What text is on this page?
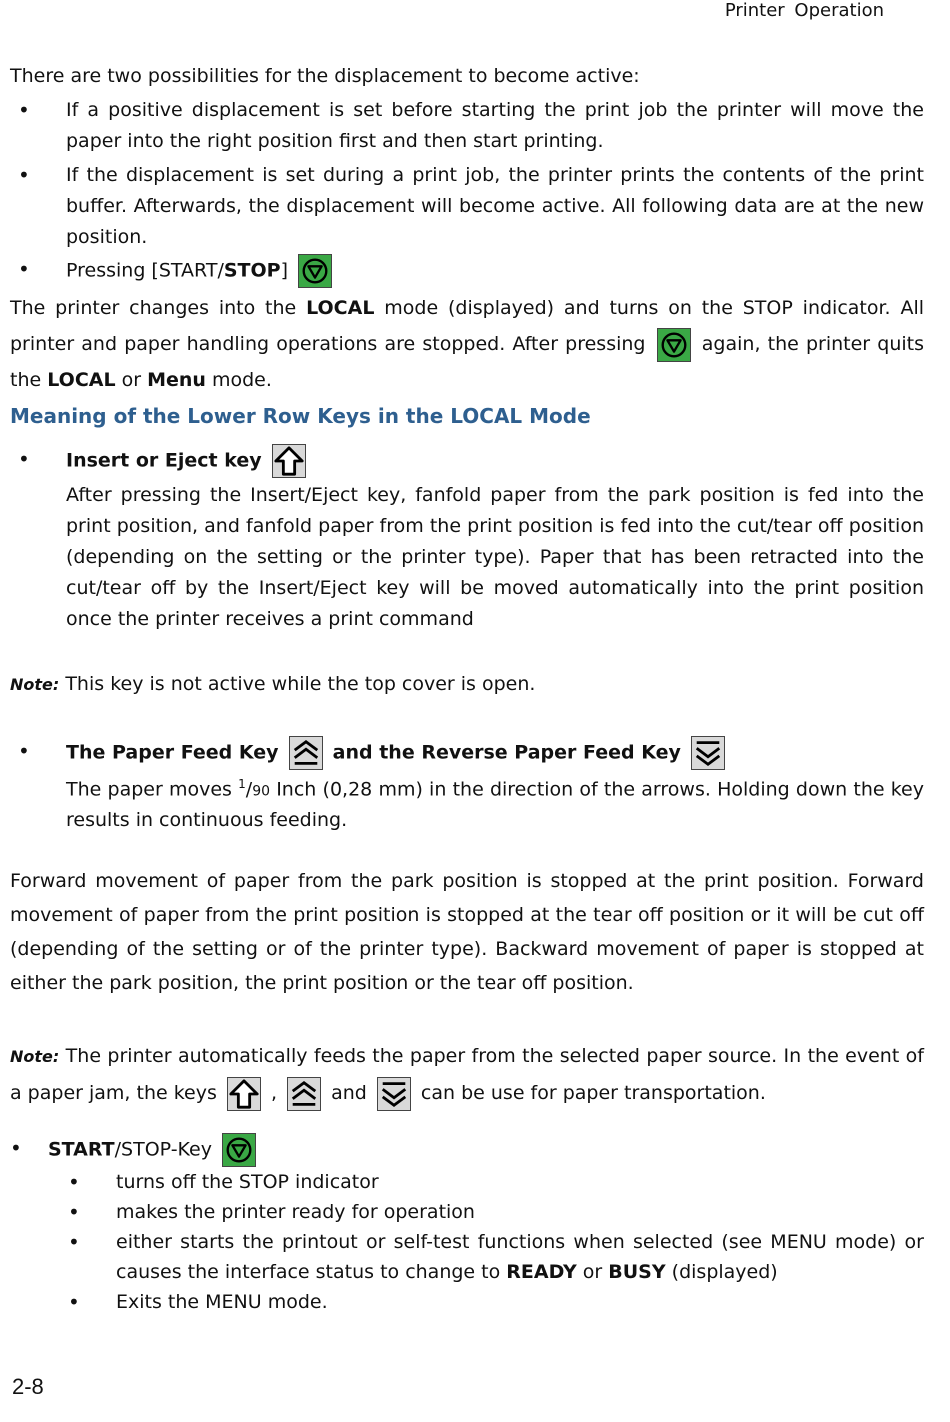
Printer Operation
There are two possibilities for the displacement to become active:
• If a positive displacement is set before starting the print job the printer will move the paper into the right position first and then start printing.
• If the displacement is set during a print job, the printer prints the contents of the print buffer. Afterwards, the displacement will become active. All following data are at the new position.
• Pressing [START/STOP]
The printer changes into the LOCAL mode (displayed) and turns on the STOP indicator. All printer and paper handling operations are stopped. After pressing
again, the printer quits the LOCAL or Menu mode.
Meaning of the Lower Row Keys in the LOCAL Mode
• Insert or Eject key
After pressing the Insert/Eject key, fanfold paper from the park position is fed into the print position, and fanfold paper from the print position is fed into the cut/tear off position (depending on the setting or the printer type). Paper that has been retracted into the cut/tear off by the Insert/Eject key will be moved automatically into the print position once the printer receives a print command
Note: This key is not active while the top cover is open.
• The Paper Feed Key	and the Reverse Paper Feed Key
The paper moves $^1$/90 Inch (0,28 mm) in the direction of the arrows. Holding down the key results in continuous feeding.
Forward movement of paper from the park position is stopped at the print position. Forward movement of paper from the print position is stopped at the tear off position or it will be cut off (depending of the setting or of the printer type). Backward movement of paper is stopped at either the park position, the print position or the tear off position.
Note: The printer automatically feeds the paper from the selected paper source. In the event of a paper jam, the keys
,
and
can be use for paper transportation.
• START/STOP-Key
• turns off the STOP indicator
• makes the printer ready for operation
• either starts the printout or self-test functions when selected (see MENU mode) or causes the interface status to change to READY or BUSY (displayed)
• Exits the MENU mode.
2-8
